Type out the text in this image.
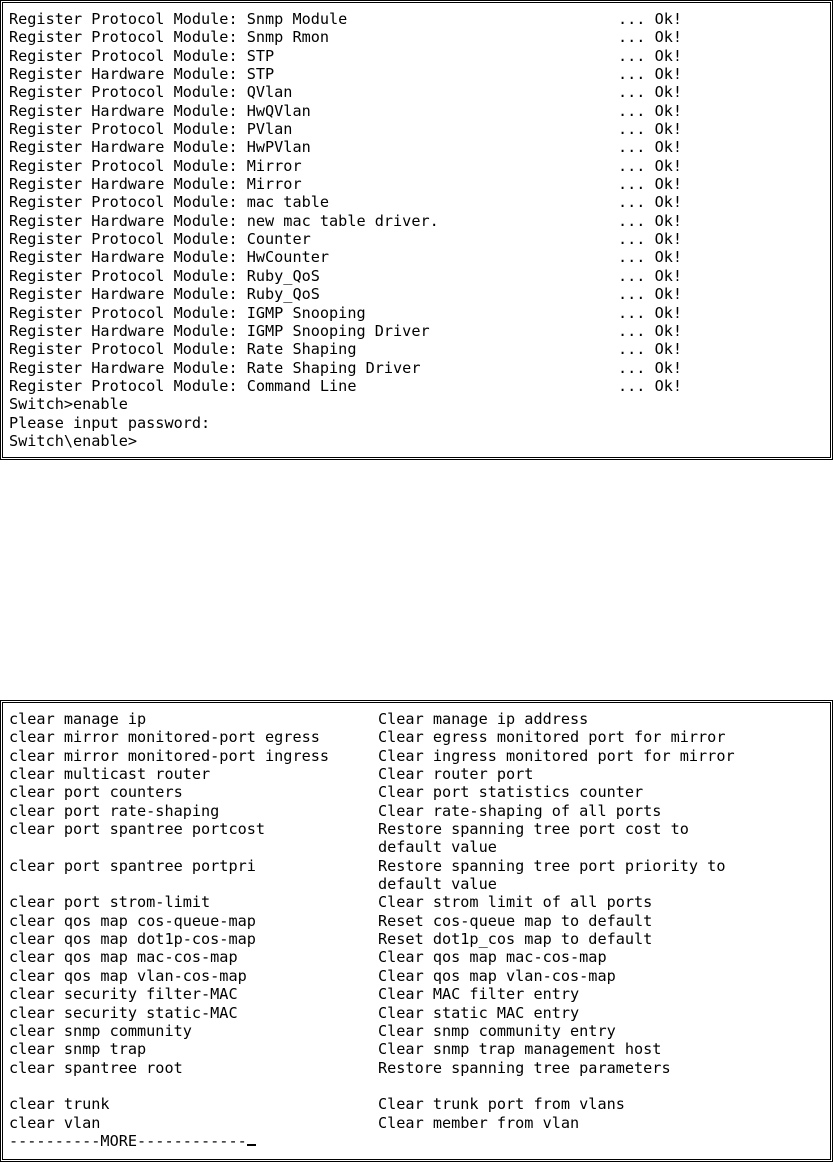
Register Protocol Module: Snmp Module	... Ok!
Register Protocol Module: Snmp Rmon	... Ok!
Register Protocol Module: STP	... Ok!
Register Hardware Module: STP	... Ok!
Register Protocol Module: QVlan	... Ok!
Register Hardware Module: HwQVlan	... Ok!
Register Protocol Module: PVlan	... Ok!
Register Hardware Module: HwPVlan	... Ok!
Register Protocol Module: Mirror	... Ok!
Register Hardware Module: Mirror	... Ok!
Register Protocol Module: mac table	... Ok!
Register Hardware Module: new mac table driver.	... Ok!
Register Protocol Module: Counter	... Ok!
Register Hardware Module: HwCounter	... Ok!
Register Protocol Module: Ruby_QoS	... Ok!
Register Hardware Module: Ruby_QoS	... Ok!
Register Protocol Module: IGMP Snooping	... Ok!
Register Hardware Module: IGMP Snooping Driver	... Ok!
Register Protocol Module: Rate Shaping	... Ok!
Register Hardware Module: Rate Shaping Driver	... Ok!
Register Protocol Module: Command Line	... Ok!
Switch>enable
Please input password:
Switch\enable>
clear manage ip	Clear manage ip address
clear mirror monitored-port egress	Clear egress monitored port for mirror
clear mirror monitored-port ingress	Clear ingress monitored port for mirror
clear multicast router	Clear router port
clear port counters	Clear port statistics counter
clear port rate-shaping	Clear rate-shaping of all ports
clear port spantree portcost	Restore spanning tree port cost to
default value
clear port spantree portpri	Restore spanning tree port priority to
default value
clear port strom-limit	Clear strom limit of all ports
clear qos map cos-queue-map	Reset cos-queue map to default
clear qos map dot1p-cos-map	Reset dot1p_cos map to default
clear qos map mac-cos-map	Clear qos map mac-cos-map
clear qos map vlan-cos-map	Clear qos map vlan-cos-map
clear security filter-MAC	Clear MAC filter entry
clear security static-MAC	Clear static MAC entry
clear snmp community	Clear snmp community entry
clear snmp trap	Clear snmp trap management host
clear spantree root	Restore spanning tree parameters
clear trunk	Clear trunk port from vlans
clear vlan	Clear member from vlan
----------MORE------------
